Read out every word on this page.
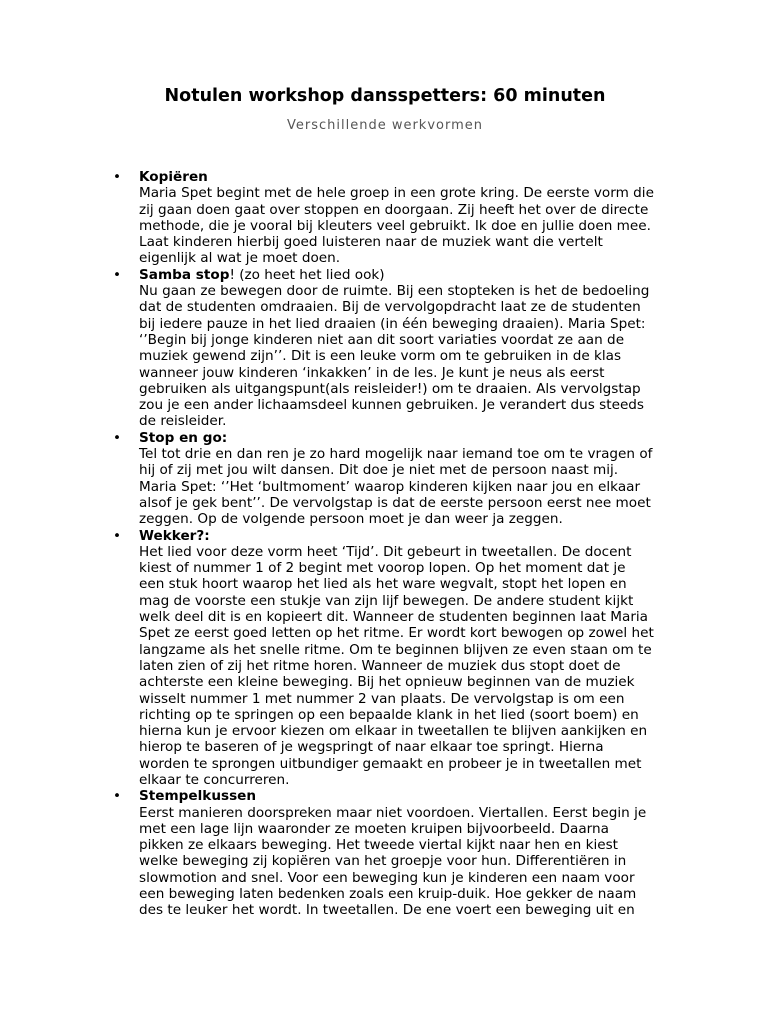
Notulen workshop dansspetters: 60 minuten
Verschillende werkvormen
• Kopiëren
Maria Spet begint met de hele groep in een grote kring. De eerste vorm die
zij gaan doen gaat over stoppen en doorgaan. Zij heeft het over de directe
methode, die je vooral bij kleuters veel gebruikt. Ik doe en jullie doen mee.
Laat kinderen hierbij goed luisteren naar de muziek want die vertelt
eigenlijk al wat je moet doen.
• Samba stop! (zo heet het lied ook)
Nu gaan ze bewegen door de ruimte. Bij een stopteken is het de bedoeling
dat de studenten omdraaien. Bij de vervolgopdracht laat ze de studenten
bij iedere pauze in het lied draaien (in één beweging draaien). Maria Spet:
‘’Begin bij jonge kinderen niet aan dit soort variaties voordat ze aan de
muziek gewend zijn’’. Dit is een leuke vorm om te gebruiken in de klas
wanneer jouw kinderen ‘inkakken’ in de les. Je kunt je neus als eerst
gebruiken als uitgangspunt(als reisleider!) om te draaien. Als vervolgstap
zou je een ander lichaamsdeel kunnen gebruiken. Je verandert dus steeds
de reisleider.
• Stop en go:
Tel tot drie en dan ren je zo hard mogelijk naar iemand toe om te vragen of
hij of zij met jou wilt dansen. Dit doe je niet met de persoon naast mij.
Maria Spet: ‘’Het ‘bultmoment’ waarop kinderen kijken naar jou en elkaar
alsof je gek bent’’. De vervolgstap is dat de eerste persoon eerst nee moet
zeggen. Op de volgende persoon moet je dan weer ja zeggen.
• Wekker?:
Het lied voor deze vorm heet ‘Tijd’. Dit gebeurt in tweetallen. De docent
kiest of nummer 1 of 2 begint met voorop lopen. Op het moment dat je
een stuk hoort waarop het lied als het ware wegvalt, stopt het lopen en
mag de voorste een stukje van zijn lijf bewegen. De andere student kijkt
welk deel dit is en kopieert dit. Wanneer de studenten beginnen laat Maria
Spet ze eerst goed letten op het ritme. Er wordt kort bewogen op zowel het
langzame als het snelle ritme. Om te beginnen blijven ze even staan om te
laten zien of zij het ritme horen. Wanneer de muziek dus stopt doet de
achterste een kleine beweging. Bij het opnieuw beginnen van de muziek
wisselt nummer 1 met nummer 2 van plaats. De vervolgstap is om een
richting op te springen op een bepaalde klank in het lied (soort boem) en
hierna kun je ervoor kiezen om elkaar in tweetallen te blijven aankijken en
hierop te baseren of je wegspringt of naar elkaar toe springt. Hierna
worden te sprongen uitbundiger gemaakt en probeer je in tweetallen met
elkaar te concurreren.
• Stempelkussen
Eerst manieren doorspreken maar niet voordoen. Viertallen. Eerst begin je
met een lage lijn waaronder ze moeten kruipen bijvoorbeeld. Daarna
pikken ze elkaars beweging. Het tweede viertal kijkt naar hen en kiest
welke beweging zij kopiëren van het groepje voor hun. Differentiëren in
slowmotion and snel. Voor een beweging kun je kinderen een naam voor
een beweging laten bedenken zoals een kruip-duik. Hoe gekker de naam
des te leuker het wordt. In tweetallen. De ene voert een beweging uit en
